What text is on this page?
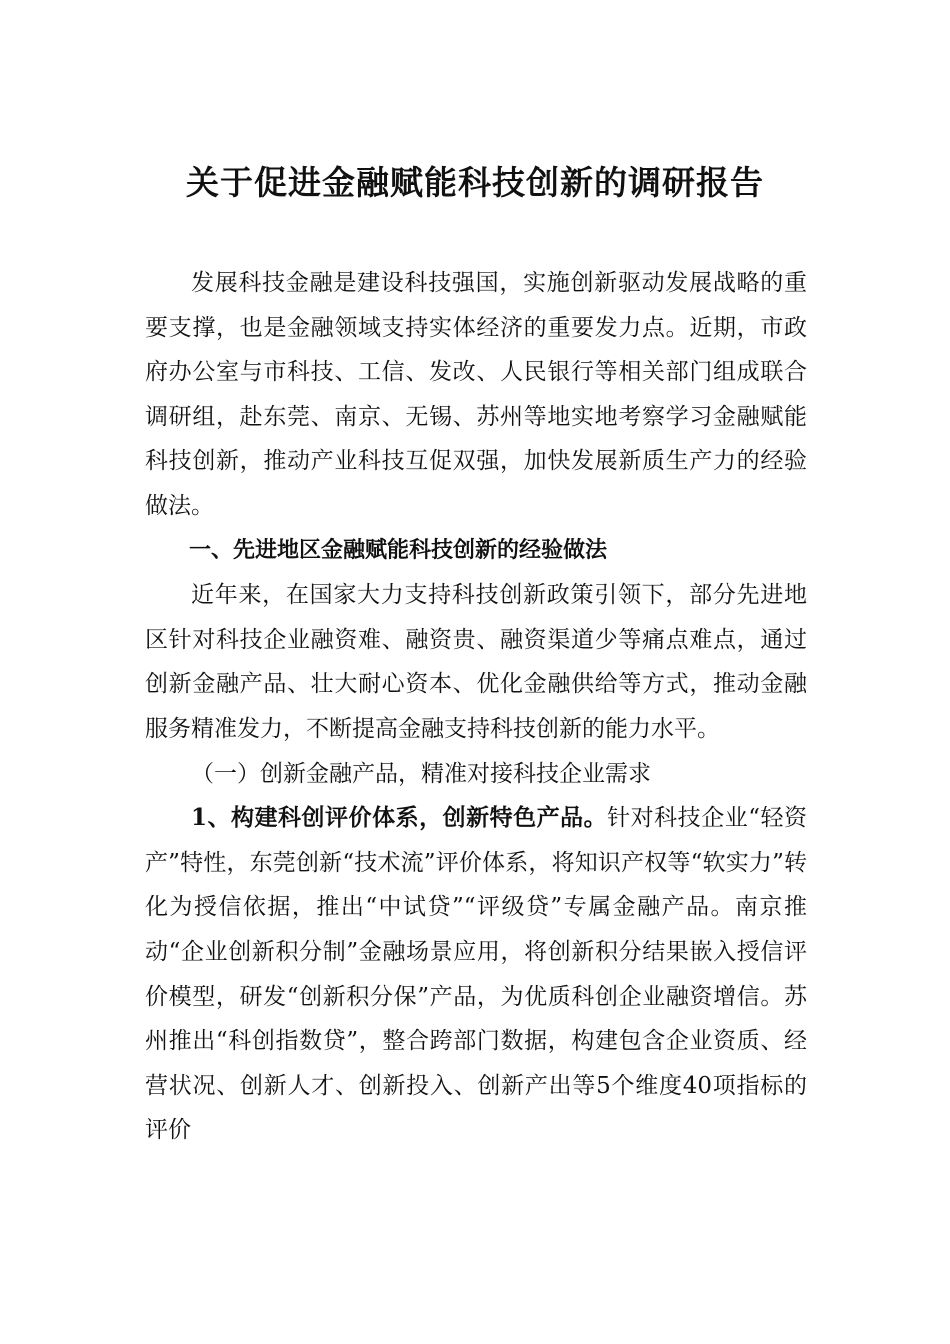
关于促进金融赋能科技创新的调研报告

发展科技金融是建设科技强国，实施创新驱动发展战略的重要支撑，也是金融领域支持实体经济的重要发力点。近期，市政府办公室与市科技、工信、发改、人民银行等相关部门组成联合调研组，赴东莞、南京、无锡、苏州等地实地考察学习金融赋能科技创新，推动产业科技互促双强，加快发展新质生产力的经验做法。

一、先进地区金融赋能科技创新的经验做法

近年来，在国家大力支持科技创新政策引领下，部分先进地区针对科技企业融资难、融资贵、融资渠道少等痛点难点，通过创新金融产品、壮大耐心资本、优化金融供给等方式，推动金融服务精准发力，不断提高金融支持科技创新的能力水平。

（一）创新金融产品，精准对接科技企业需求

1、构建科创评价体系，创新特色产品。针对科技企业“轻资产”特性，东莞创新“技术流”评价体系，将知识产权等“软实力”转化为授信依据，推出“中试贷”“评级贷”专属金融产品。南京推动“企业创新积分制”金融场景应用，将创新积分结果嵌入授信评价模型，研发“创新积分保”产品，为优质科创企业融资增信。苏州推出“科创指数贷”，整合跨部门数据，构建包含企业资质、经营状况、创新人才、创新投入、创新产出等5个维度40项指标的评价
